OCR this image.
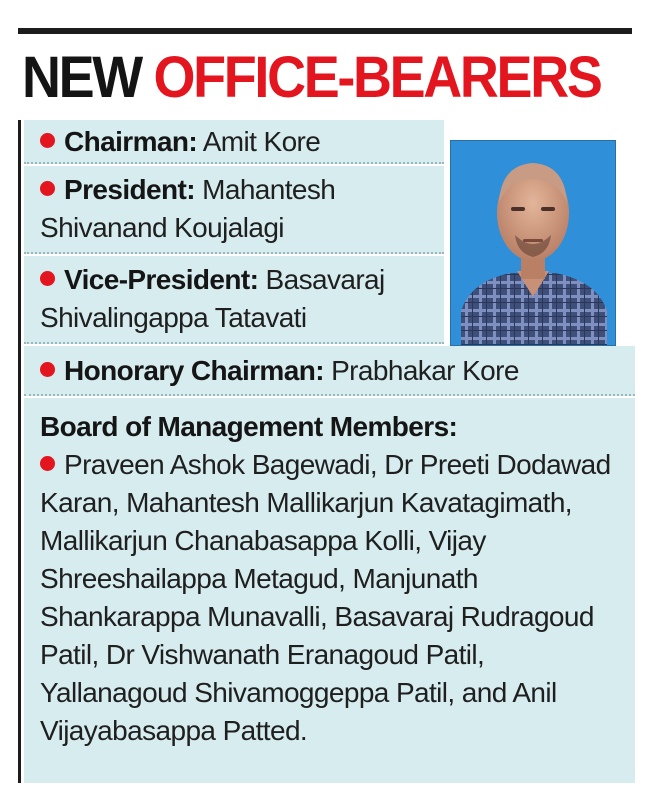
NEW OFFICE-BEARERS
Chairman: Amit Kore
President: Mahantesh Shivanand Koujalagi
Vice-President: Basavaraj Shivalingappa Tatavati
Honorary Chairman: Prabhakar Kore
Board of Management Members:
Praveen Ashok Bagewadi, Dr Preeti Dodawad Karan, Mahantesh Mallikarjun Kavatagimath, Mallikarjun Chanabasappa Kolli, Vijay Shreeshailappa Metagud, Manjunath Shankarappa Munavalli, Basavaraj Rudragoud Patil, Dr Vishwanath Eranagoud Patil, Yallanagoud Shivamoggeppa Patil, and Anil Vijayabasappa Patted.
